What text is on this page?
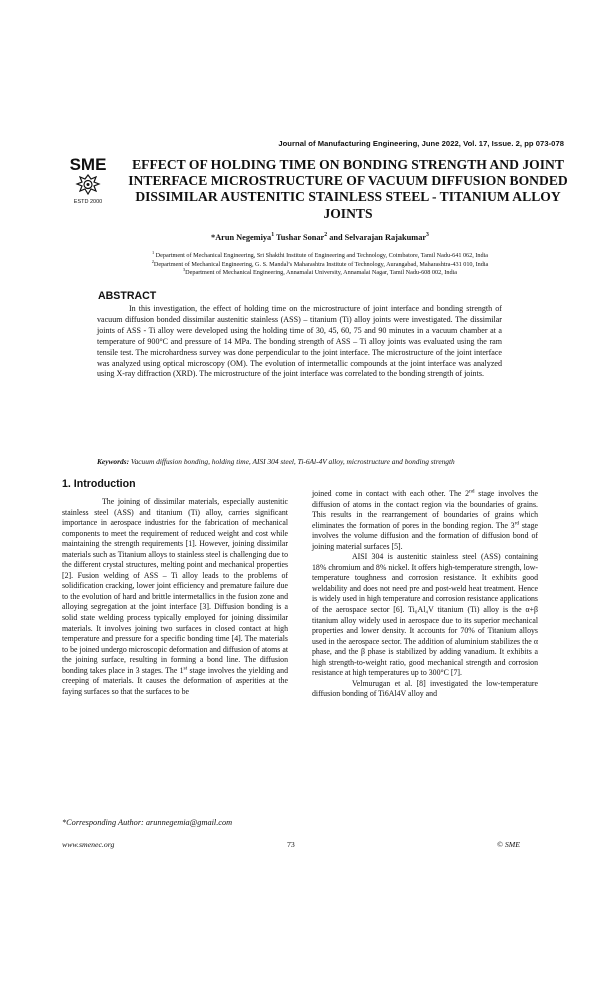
Journal of Manufacturing Engineering, June 2022, Vol. 17, Issue. 2, pp 073-078
SME
ESTD 2000
EFFECT OF HOLDING TIME ON BONDING STRENGTH AND JOINT INTERFACE MICROSTRUCTURE OF VACUUM DIFFUSION BONDED DISSIMILAR AUSTENITIC STAINLESS STEEL - TITANIUM ALLOY JOINTS
*Arun Negemiya$^1$ Tushar Sonar$^2$ and Selvarajan Rajakumar$^3$
$^1$ Department of Mechanical Engineering, Sri Shakthi Institute of Engineering and Technology, Coimbatore, Tamil Nadu-641 062, India
$^2$Department of Mechanical Engineering, G. S. Mandal’s Maharashtra Institute of Technology, Aurangabad, Maharashtra-431 010, India
$^3$Department of Mechanical Engineering, Annamalai University, Annamalai Nagar, Tamil Nadu-608 002, India
ABSTRACT
In this investigation, the effect of holding time on the microstructure of joint interface and bonding strength of vacuum diffusion bonded dissimilar austenitic stainless (ASS) – titanium (Ti) alloy joints were investigated. The dissimilar joints of ASS - Ti alloy were developed using the holding time of 30, 45, 60, 75 and 90 minutes in a vacuum chamber at a temperature of 900°C and pressure of 14 MPa. The bonding strength of ASS – Ti alloy joints was evaluated using the ram tensile test. The microhardness survey was done perpendicular to the joint interface. The microstructure of the joint interface was analyzed using optical microscopy (OM). The evolution of intermetallic compounds at the joint interface was analyzed using X-ray diffraction (XRD). The microstructure of the joint interface was correlated to the bonding strength of joints.
Keywords: Vacuum diffusion bonding, holding time, AISI 304 steel, Ti-6Al-4V alloy, microstructure and bonding strength
1. Introduction

The joining of dissimilar materials, especially austenitic stainless steel (ASS) and titanium (Ti) alloy, carries significant importance in aerospace industries for the fabrication of mechanical components to meet the requirement of reduced weight and cost while maintaining the strength requirements [1]. However, joining dissimilar materials such as Titanium alloys to stainless steel is challenging due to the different crystal structures, melting point and mechanical properties [2]. Fusion welding of ASS – Ti alloy leads to the problems of solidification cracking, lower joint efficiency and premature failure due to the evolution of hard and brittle intermetallics in the fusion zone and alloying segregation at the joint interface [3]. Diffusion bonding is a solid state welding process typically employed for joining dissimilar materials. It involves joining two surfaces in closed contact at high temperature and pressure for a specific bonding time [4]. The materials to be joined undergo microscopic deformation and diffusion of atoms at the joining surface, resulting in forming a bond line. The diffusion bonding takes place in 3 stages. The 1st stage involves the yielding and creeping of materials. It causes the deformation of asperities at the faying surfaces so that the surfaces to be

joined come in contact with each other. The 2nd stage involves the diffusion of atoms in the contact region via the boundaries of grains. This results in the rearrangement of boundaries of grains which eliminates the formation of pores in the bonding region. The 3rd stage involves the volume diffusion and the formation of diffusion bond of joining material surfaces [5].

AISI 304 is austenitic stainless steel (ASS) containing 18% chromium and 8% nickel. It offers high-temperature strength, low-temperature toughness and corrosion resistance. It exhibits good weldability and does not need pre and post-weld heat treatment. Hence is widely used in high temperature and corrosion resistance applications of the aerospace sector [6]. Ti₆Al₄V titanium (Ti) alloy is the α+β titanium alloy widely used in aerospace due to its superior mechanical properties and lower density. It accounts for 70% of Titanium alloys used in the aerospace sector. The addition of aluminium stabilizes the α phase, and the β phase is stabilized by adding vanadium. It exhibits a high strength-to-weight ratio, good mechanical strength and corrosion resistance at high temperatures up to 300°C [7].

Velmurugan et al. [8] investigated the low-temperature diffusion bonding of Ti6Al4V alloy and

*Corresponding Author: arunnegemia@gmail.com
www.smenec.org	73	© SME
